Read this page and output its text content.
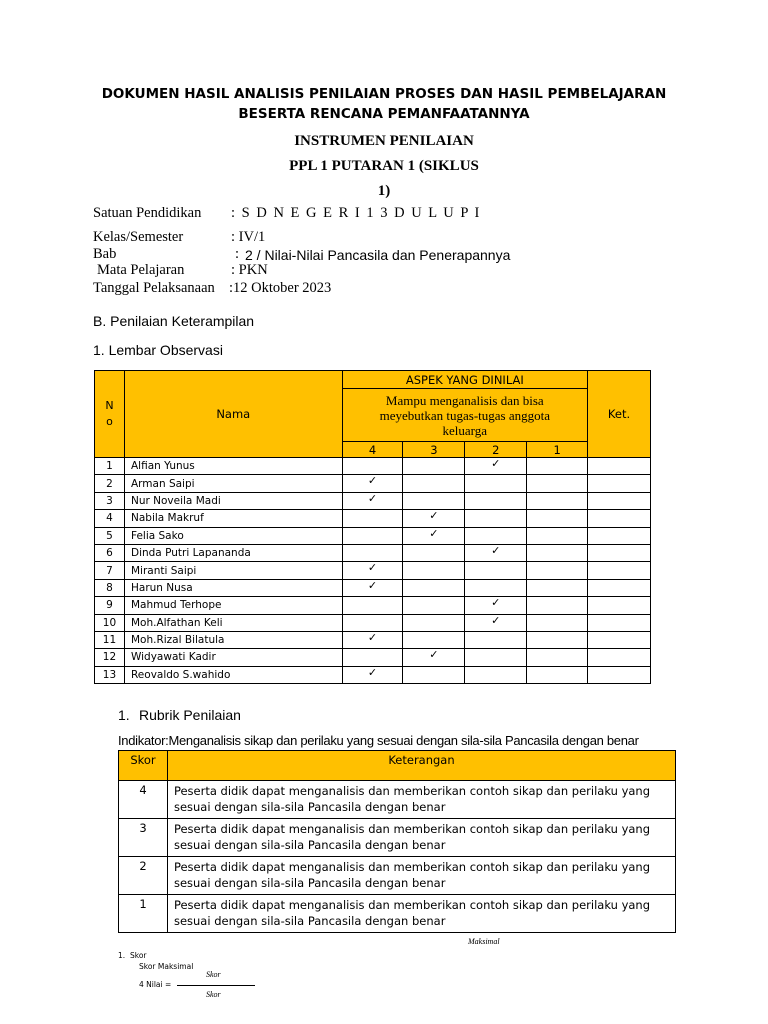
DOKUMEN HASIL ANALISIS PENILAIAN PROSES DAN HASIL PEMBELAJARAN
BESERTA RENCANA PEMANFAATANNYA
INSTRUMEN PENILAIAN
PPL 1 PUTARAN 1 (SIKLUS
1)
Satuan Pendidikan : S D N E G E R I 1 3 D U L U P I
Kelas/Semester	: IV/1
Bab	: 2 / Nilai-Nilai Pancasila dan Penerapannya
Mata Pelajaran	: PKN
Tanggal Pelaksanaan :12 Oktober 2023
B. Penilaian Keterampilan
1. Lembar Observasi
N o	Nama	ASPEK YANG DINILAI				Ket.
		Mampu menganalisis dan bisa meyebutkan tugas-tugas anggota keluarga				
		4	3	2	1	
1	Alfian Yunus			✓		
2	Arman Saipi	✓				
3	Nur Noveila Madi	✓				
4	Nabila Makruf		✓			
5	Felia Sako		✓			
6	Dinda Putri Lapananda			✓		
7	Miranti Saipi	✓				
8	Harun Nusa	✓				
9	Mahmud Terhope			✓		
10	Moh.Alfathan Keli			✓		
11	Moh.Rizal Bilatula	✓				
12	Widyawati Kadir		✓			
13	Reovaldo S.wahido	✓				
1. Rubrik Penilaian
Indikator:Menganalisis sikap dan perilaku yang sesuai dengan sila-sila Pancasila dengan benar
Skor	Keterangan
4	Peserta didik dapat menganalisis dan memberikan contoh sikap dan perilaku yang sesuai dengan sila-sila Pancasila dengan benar
3	Peserta didik dapat menganalisis dan memberikan contoh sikap dan perilaku yang sesuai dengan sila-sila Pancasila dengan benar
2	Peserta didik dapat menganalisis dan memberikan contoh sikap dan perilaku yang sesuai dengan sila-sila Pancasila dengan benar
1	Peserta didik dapat menganalisis dan memberikan contoh sikap dan perilaku yang sesuai dengan sila-sila Pancasila dengan benar
Maksimal
1. Skor
Skor Maksimal
Skor
4 Nilai =
Skor
